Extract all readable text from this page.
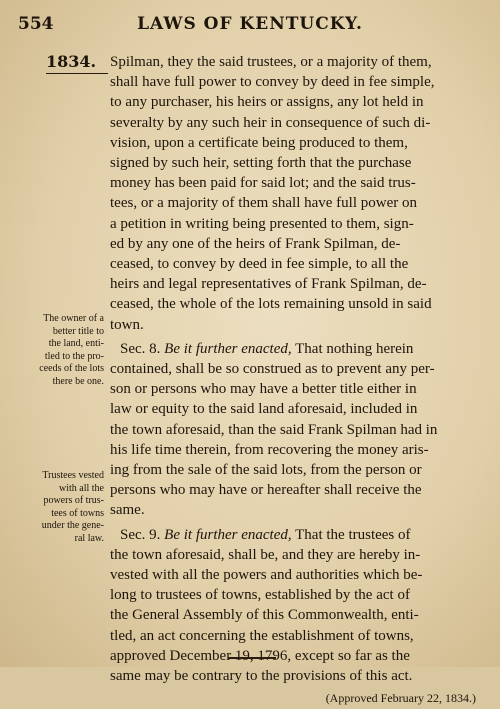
554	LAWS OF KENTUCKY.
1834.
The owner of a
better title to
the land, enti-
tled to the pro-
ceeds of the lots
there be one.
Trustees vested
with all the
powers of trus-
tees of towns
under the gene-
ral law.
Spilman, they the said trustees, or a majority of them,
shall have full power to convey by deed in fee simple,
to any purchaser, his heirs or assigns, any lot held in
severalty by any such heir in consequence of such di-
vision, upon a certificate being produced to them,
signed by such heir, setting forth that the purchase
money has been paid for said lot; and the said trus-
tees, or a majority of them shall have full power on
a petition in writing being presented to them, sign-
ed by any one of the heirs of Frank Spilman, de-
ceased, to convey by deed in fee simple, to all the
heirs and legal representatives of Frank Spilman, de-
ceased, the whole of the lots remaining unsold in said
town.
Sec. 8. Be it further enacted, That nothing herein
contained, shall be so construed as to prevent any per-
son or persons who may have a better title either in
law or equity to the said land aforesaid, included in
the town aforesaid, than the said Frank Spilman had in
his life time therein, from recovering the money aris-
ing from the sale of the said lots, from the person or
persons who may have or hereafter shall receive the
same.
Sec. 9. Be it further enacted, That the trustees of
the town aforesaid, shall be, and they are hereby in-
vested with all the powers and authorities which be-
long to trustees of towns, established by the act of
the General Assembly of this Commonwealth, enti-
tled, an act concerning the establishment of towns,
approved December 19, 1796, except so far as the
same may be contrary to the provisions of this act.
(Approved February 22, 1834.)
